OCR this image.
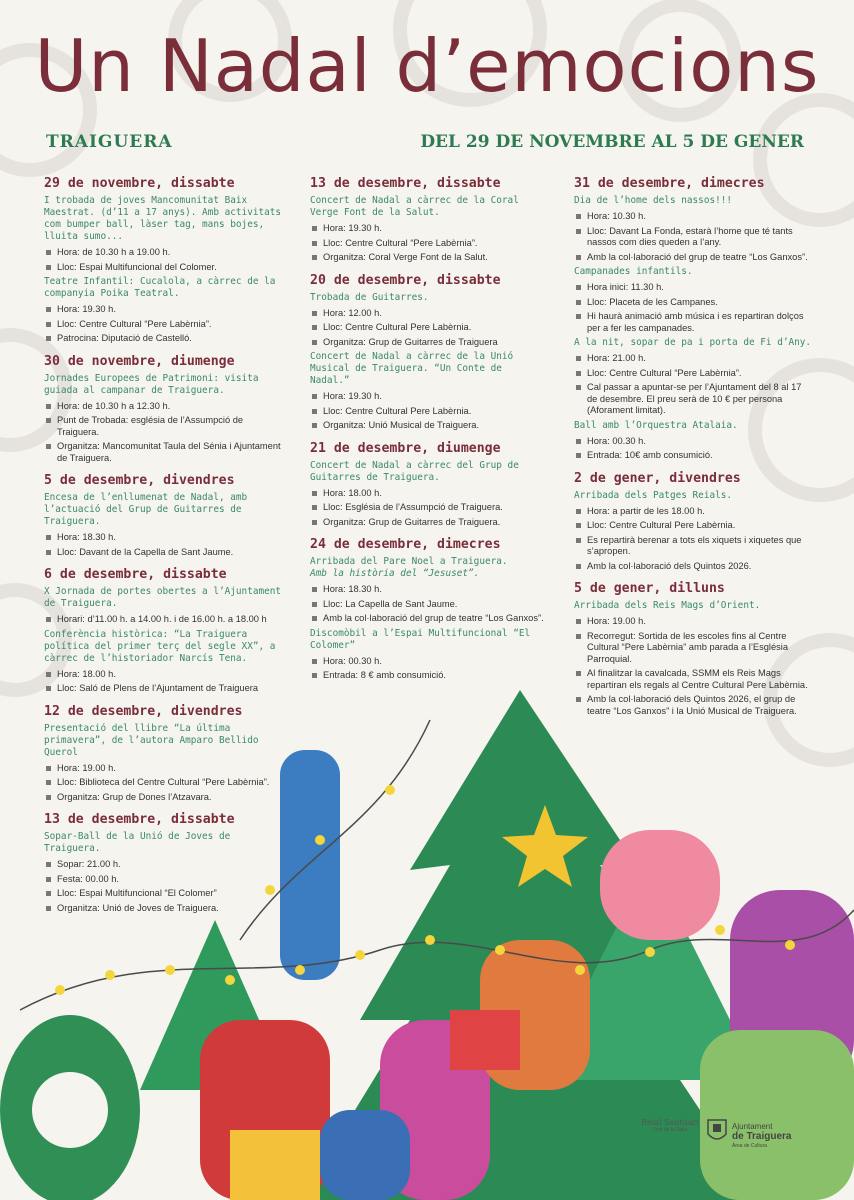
Un Nadal d’emocions
TRAIGUERA	DEL 29 DE NOVEMBRE AL 5 DE GENER
29 de novembre, dissabte
I trobada de joves Mancomunitat Baix Maestrat. (d’11 a 17 anys). Amb activitats com bumper ball, làser tag, mans bojes, lluita sumo...
Hora: de 10.30 h a 19.00 h.
Lloc: Espai Multifuncional del Colomer.
Teatre Infantil: Cucalola, a càrrec de la companyia Poika Teatral.
Hora: 19.30 h.
Lloc: Centre Cultural “Pere Labèrnia”.
Patrocina: Diputació de Castelló.
30 de novembre, diumenge
Jornades Europees de Patrimoni: visita guiada al campanar de Traiguera.
Hora: de 10.30 h a 12.30 h.
Punt de Trobada: església de l’Assumpció de Traiguera.
Organitza: Mancomunitat Taula del Sénia i Ajuntament de Traiguera.
5 de desembre, divendres
Encesa de l’enllumenat de Nadal, amb l’actuació del Grup de Guitarres de Traiguera.
Hora: 18.30 h.
Lloc: Davant de la Capella de Sant Jaume.
6 de desembre, dissabte
X Jornada de portes obertes a l’Ajuntament de Traiguera.
Horari: d’11.00 h. a 14.00 h. i de 16.00 h. a 18.00 h
Conferència històrica: “La Traiguera política del primer terç del segle XX”, a càrrec de l’historiador Narcís Tena.
Hora: 18.00 h.
Lloc: Saló de Plens de l’Ajuntament de Traiguera
12 de desembre, divendres
Presentació del llibre “La última primavera”, de l’autora Amparo Bellido Querol
Hora: 19.00 h.
Lloc: Biblioteca del Centre Cultural “Pere Labèrnia”.
Organitza: Grup de Dones l’Atzavara.
13 de desembre, dissabte
Sopar-Ball de la Unió de Joves de Traiguera.
Sopar: 21.00 h.
Festa: 00.00 h.
Lloc: Espai Multifuncional “El Colomer”
Organitza: Unió de Joves de Traiguera.
13 de desembre, dissabte
Concert de Nadal a càrrec de la Coral Verge Font de la Salut.
Hora: 19.30 h.
Lloc: Centre Cultural “Pere Labèrnia”.
Organitza: Coral Verge Font de la Salut.
20 de desembre, dissabte
Trobada de Guitarres.
Hora: 12.00 h.
Lloc: Centre Cultural Pere Labèrnia.
Organitza: Grup de Guitarres de Traiguera
Concert de Nadal a càrrec de la Unió Musical de Traiguera. “Un Conte de Nadal.”
Hora: 19.30 h.
Lloc: Centre Cultural Pere Labèrnia.
Organitza: Unió Musical de Traiguera.
21 de desembre, diumenge
Concert de Nadal a càrrec del Grup de Guitarres de Traiguera.
Hora: 18.00 h.
Lloc: Església de l’Assumpció de Traiguera.
Organitza: Grup de Guitarres de Traiguera.
24 de desembre, dimecres
Arribada del Pare Noel a Traiguera.
Amb la història del “Jesuset”.
Hora: 18.30 h.
Lloc: La Capella de Sant Jaume.
Amb la col·laboració del grup de teatre “Los Ganxos”.
Discomòbil a l’Espai Multifuncional “El Colomer”
Hora: 00.30 h.
Entrada: 8 € amb consumició.
31 de desembre, dimecres
Dia de l’home dels nassos!!!
Hora: 10.30 h.
Lloc: Davant La Fonda, estarà l’home que té tants nassos com dies queden a l’any.
Amb la col·laboració del grup de teatre “Los Ganxos”.
Campanades infantils.
Hora inici: 11.30 h.
Lloc: Placeta de les Campanes.
Hi haurà animació amb música i es repartiran dolços per a fer les campanades.
A la nit, sopar de pa i porta de Fi d’Any.
Hora: 21.00 h.
Lloc: Centre Cultural “Pere Labèrnia”.
Cal passar a apuntar-se per l’Ajuntament del 8 al 17 de desembre. El preu serà de 10 € per persona (Aforament limitat).
Ball amb l’Orquestra Atalaia.
Hora: 00.30 h.
Entrada: 10€ amb consumició.
2 de gener, divendres
Arribada dels Patges Reials.
Hora: a partir de les 18.00 h.
Lloc: Centre Cultural Pere Labèrnia.
Es repartirà berenar a tots els xiquets i xiquetes que s’apropen.
Amb la col·laboració dels Quintos 2026.
5 de gener, dilluns
Arribada dels Reis Mags d’Orient.
Hora: 19.00 h.
Recorregut: Sortida de les escoles fins al Centre Cultural “Pere Labèrnia” amb parada a l’Església Parroquial.
Al finalitzar la cavalcada, SSMM els Reis Mags repartiran els regals al Centre Cultural Pere Labèrnia.
Amb la col·laboració dels Quintos 2026, el grup de teatre “Los Ganxos” i la Unió Musical de Traiguera.
Reial Santuari
Font de la Salut	Ajuntament
de Traiguera
Àrea de Cultura
